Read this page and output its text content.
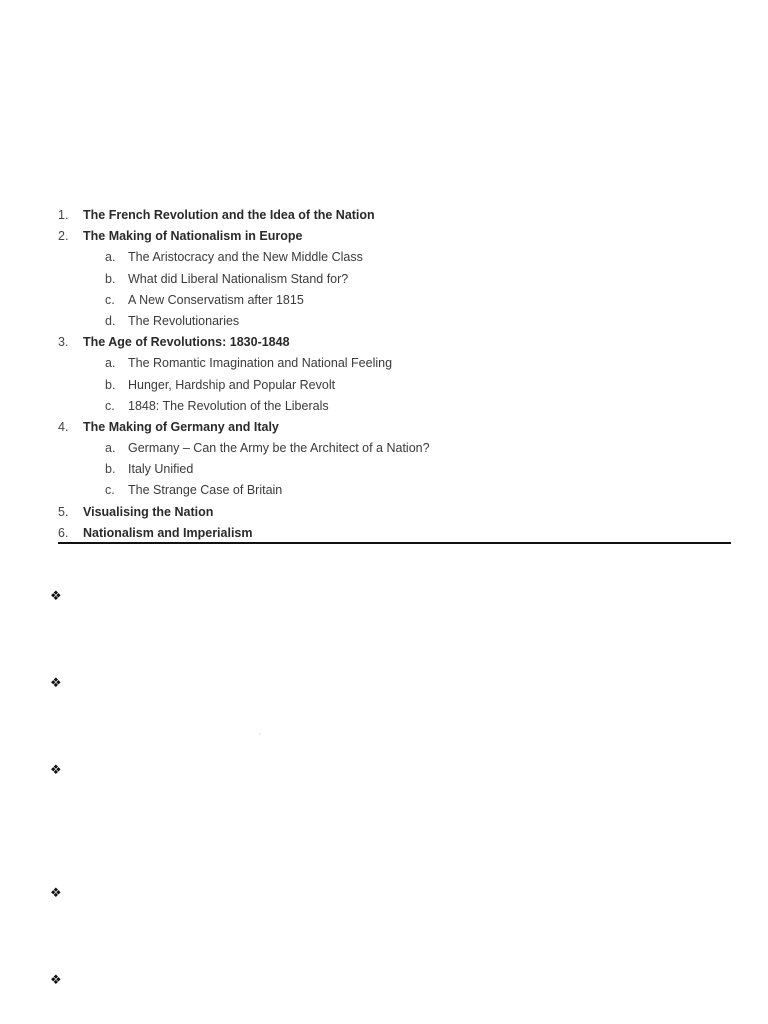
1.	The French Revolution and the Idea of the Nation
2.	The Making of Nationalism in Europe
a.	The Aristocracy and the New Middle Class
b.	What did Liberal Nationalism Stand for?
c.	A New Conservatism after 1815
d.	The Revolutionaries
3.	The Age of Revolutions: 1830-1848
a.	The Romantic Imagination and National Feeling
b.	Hunger, Hardship and Popular Revolt
c.	1848: The Revolution of the Liberals
4.	The Making of Germany and Italy
a.	Germany – Can the Army be the Architect of a Nation?
b.	Italy Unified
c.	The Strange Case of Britain
5.	Visualising the Nation
6.	Nationalism and Imperialism
❖
❖
❖
❖
❖
,
